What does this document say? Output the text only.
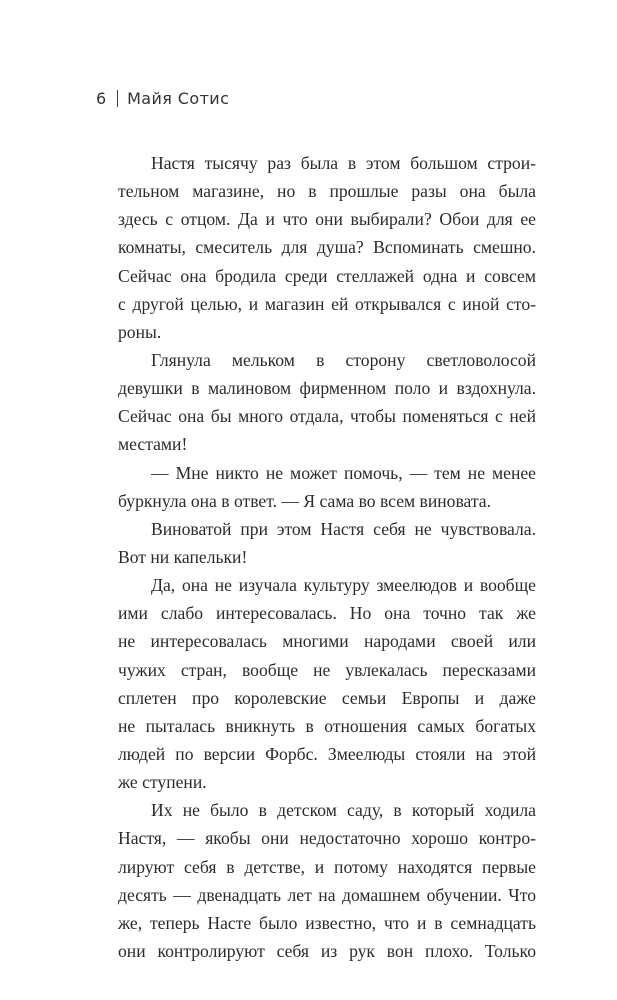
6 Майя Сотис
Настя тысячу раз была в этом большом строи-
тельном магазине, но в прошлые разы она была
здесь с отцом. Да и что они выбирали? Обои для ее
комнаты, смеситель для душа? Вспоминать смешно.
Сейчас она бродила среди стеллажей одна и совсем
с другой целью, и магазин ей открывался с иной сто-
роны.
Глянула мельком в сторону светловолосой
девушки в малиновом фирменном поло и вздохнула.
Сейчас она бы много отдала, чтобы поменяться с ней
местами!
— Мне никто не может помочь, — тем не менее
буркнула она в ответ. — Я сама во всем виновата.
Виноватой при этом Настя себя не чувствовала.
Вот ни капельки!
Да, она не изучала культуру змеелюдов и вообще
ими слабо интересовалась. Но она точно так же
не интересовалась многими народами своей или
чужих стран, вообще не увлекалась пересказами
сплетен про королевские семьи Европы и даже
не пыталась вникнуть в отношения самых богатых
людей по версии Форбс. Змеелюды стояли на этой
же ступени.
Их не было в детском саду, в который ходила
Настя, — якобы они недостаточно хорошо контро-
лируют себя в детстве, и потому находятся первые
десять — двенадцать лет на домашнем обучении. Что
же, теперь Насте было известно, что и в семнадцать
они контролируют себя из рук вон плохо. Только
